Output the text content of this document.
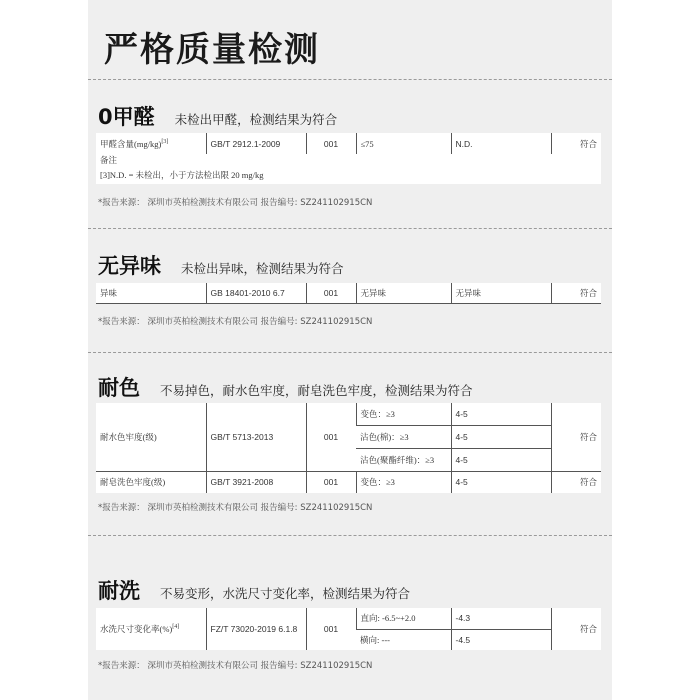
严格质量检测
0甲醛 未检出甲醛，检测结果为符合
甲醛含量(mg/kg)[3]	GB/T 2912.1-2009	001	≤75	N.D.	符合
备注
[3]N.D. = 未检出，小于方法检出限 20 mg/kg
*报告来源： 深圳市英柏检测技术有限公司 报告编号: SZ241102915CN
无异味 未检出异味，检测结果为符合
异味	GB 18401-2010 6.7	001	无异味	无异味	符合
*报告来源： 深圳市英柏检测技术有限公司 报告编号: SZ241102915CN
耐色 不易掉色，耐水色牢度，耐皂洗色牢度，检测结果为符合
耐水色牢度(级)	GB/T 5713-2013	001	变色：≥3	4-5	符合
			沾色(棉)：≥3	4-5	
			沾色(聚酯纤维)：≥3	4-5	
耐皂洗色牢度(级)	GB/T 3921-2008	001	变色：≥3	4-5	符合
*报告来源： 深圳市英柏检测技术有限公司 报告编号: SZ241102915CN
耐洗 不易变形，水洗尺寸变化率，检测结果为符合
水洗尺寸变化率(%)[4]	FZ/T 73020-2019 6.1.8	001	直向: -6.5~+2.0	-4.3	符合
			横向: ---	-4.5	
*报告来源： 深圳市英柏检测技术有限公司 报告编号: SZ241102915CN
